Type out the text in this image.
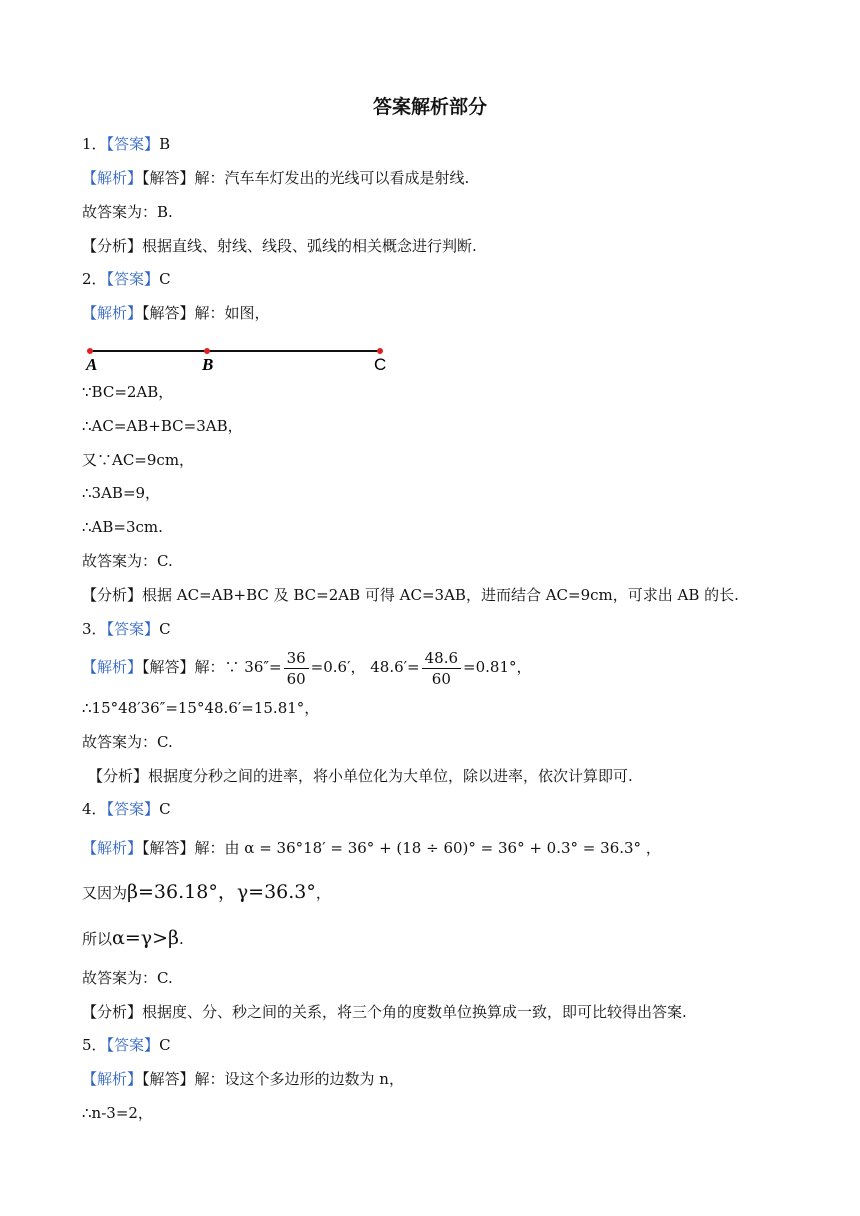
答案解析部分
1．【答案】B
【解析】【解答】解：汽车车灯发出的光线可以看成是射线.
故答案为：B.
【分析】根据直线、射线、线段、弧线的相关概念进行判断.
2．【答案】C
【解析】【解答】解：如图，
A	B	C
∵BC=2AB，
∴AC=AB+BC=3AB，
又∵AC=9cm，
∴3AB=9，
∴AB=3cm.
故答案为：C.
【分析】根据 AC=AB+BC 及 BC=2AB 可得 AC=3AB，进而结合 AC=9cm，可求出 AB 的长.
3．【答案】C
【解析】【解答】解：∵ $36''= \frac{36}{60} =0.6'$， $48.6'= \frac{48.6}{60} =0.81^\circ$，
∴15°48′36″=15°48.6′=15.81°，
故答案为：C.
【分析】根据度分秒之间的进率，将小单位化为大单位，除以进率，依次计算即可.
4．【答案】C
【解析】【解答】解：由 α = 36°18′ = 36° + (18 ÷ 60)° = 36° + 0.3° = 36.3° ，
又因为β=36.18°，γ=36.3°，
所以α=γ>β.
故答案为：C.
【分析】根据度、分、秒之间的关系，将三个角的度数单位换算成一致，即可比较得出答案.
5．【答案】C
【解析】【解答】解：设这个多边形的边数为 n，
∴n-3=2，
